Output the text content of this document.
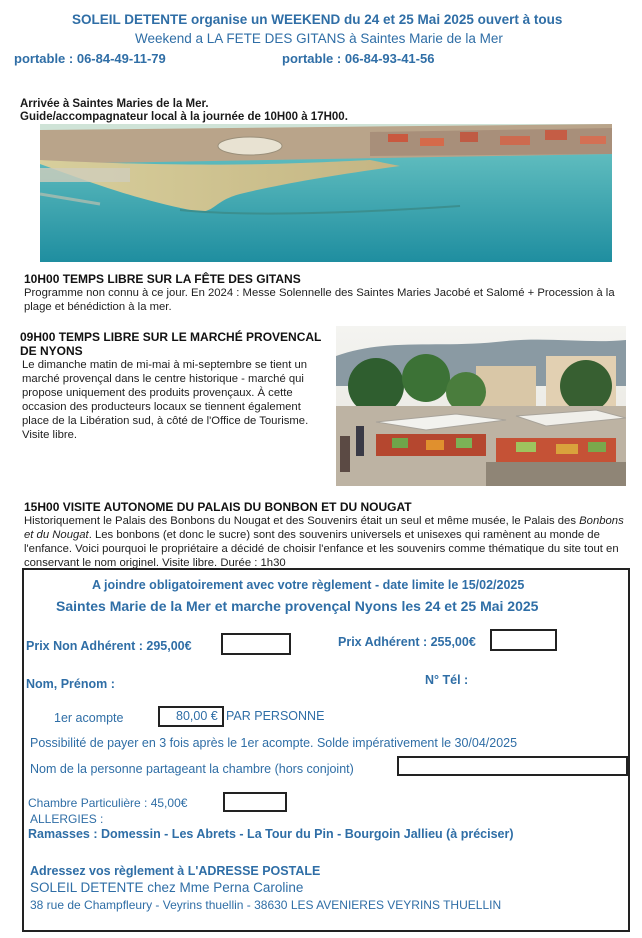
SOLEIL DETENTE organise un WEEKEND du 24 et 25 Mai 2025 ouvert à tous
Weekend a LA FETE DES GITANS à Saintes Marie de la Mer
portable : 06-84-49-11-79	portable : 06-84-93-41-56
Arrivée à Saintes Maries de la Mer.
Guide/accompagnateur local à la journée de 10H00 à 17H00.
10H00 TEMPS LIBRE SUR LA FÊTE DES GITANS
Programme non connu à ce jour. En 2024 : Messe Solennelle des Saintes Maries Jacobé et Salomé + Procession à la plage et bénédiction à la mer.
09H00 TEMPS LIBRE SUR LE MARCHÉ PROVENCAL
DE NYONS
Le dimanche matin de mi-mai à mi-septembre se tient un marché provençal dans le centre historique - marché qui propose uniquement des produits provençaux. À cette occasion des producteurs locaux se tiennent également place de la Libération sud, à côté de l'Office de Tourisme. Visite libre.
15H00 VISITE AUTONOME DU PALAIS DU BONBON ET DU NOUGAT
Historiquement le Palais des Bonbons du Nougat et des Souvenirs était un seul et même musée, le Palais des Bonbons et du Nougat. Les bonbons (et donc le sucre) sont des souvenirs universels et unisexes qui ramènent au monde de l'enfance. Voici pourquoi le propriétaire a décidé de choisir l'enfance et les souvenirs comme thématique du site tout en conservant le nom originel. Visite libre. Durée : 1h30
A joindre obligatoirement avec votre règlement - date limite le 15/02/2025
Saintes Marie de la Mer et marche provençal Nyons les 24 et 25 Mai 2025
Prix Non Adhérent : 295,00€	Prix Adhérent : 255,00€
Nom, Prénom :	N° Tél :
1er acompte	80,00 € PAR PERSONNE
Possibilité de payer en 3 fois après le 1er acompte. Solde impérativement le 30/04/2025
Nom de la personne partageant la chambre (hors conjoint)
Chambre Particulière : 45,00€
ALLERGIES :
Ramasses : Domessin - Les Abrets - La Tour du Pin - Bourgoin Jallieu (à préciser)
Adressez vos règlement à L'ADRESSE POSTALE
SOLEIL DETENTE chez Mme Perna Caroline
38 rue de Champfleury - Veyrins thuellin - 38630 LES AVENIERES VEYRINS THUELLIN
